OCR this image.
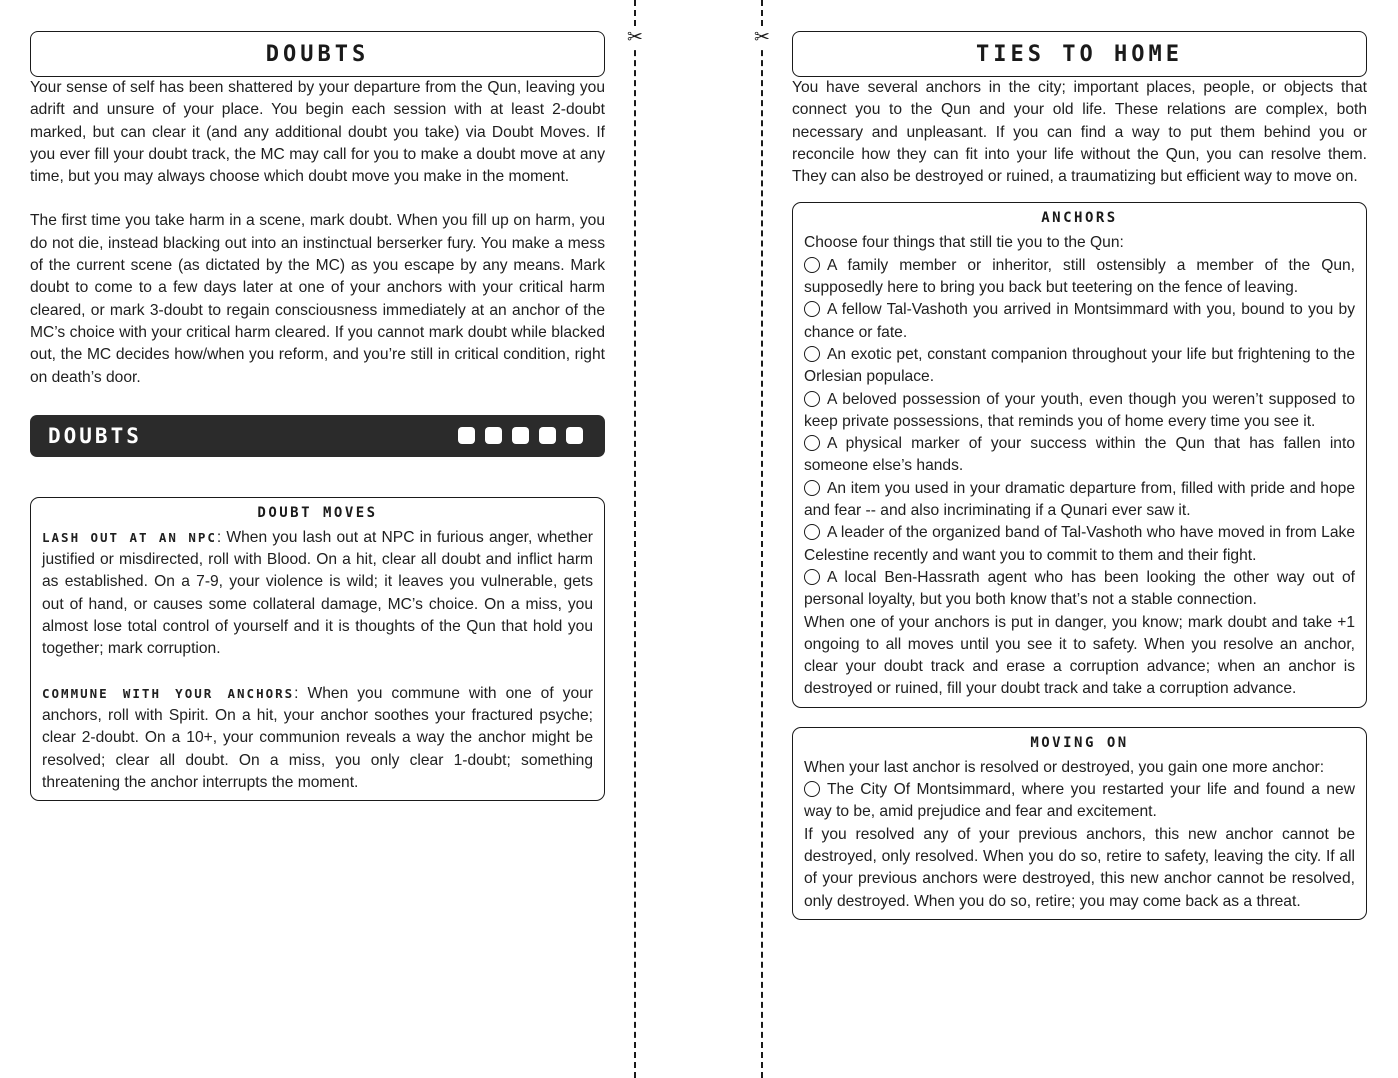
✂	✂
DOUBTS

Your sense of self has been shattered by your departure from the Qun, leaving you adrift and unsure of your place. You begin each session with at least 2-doubt marked, but can clear it (and any additional doubt you take) via Doubt Moves. If you ever fill your doubt track, the MC may call for you to make a doubt move at any time, but you may always choose which doubt move you make in the moment.

The first time you take harm in a scene, mark doubt. When you fill up on harm, you do not die, instead blacking out into an instinctual berserker fury. You make a mess of the current scene (as dictated by the MC) as you escape by any means. Mark doubt to come to a few days later at one of your anchors with your critical harm cleared, or mark 3-doubt to regain consciousness immediately at an anchor of the MC’s choice with your critical harm cleared. If you cannot mark doubt while blacked out, the MC decides how/when you reform, and you’re still in critical condition, right on death’s door.

DOUBTS
DOUBT MOVES

LASH OUT AT AN NPC: When you lash out at NPC in furious anger, whether justified or misdirected, roll with Blood. On a hit, clear all doubt and inflict harm as established. On a 7-9, your violence is wild; it leaves you vulnerable, gets out of hand, or causes some collateral damage, MC’s choice. On a miss, you almost lose total control of yourself and it is thoughts of the Qun that hold you together; mark corruption.

COMMUNE WITH YOUR ANCHORS: When you commune with one of your anchors, roll with Spirit. On a hit, your anchor soothes your fractured psyche; clear 2-doubt. On a 10+, your communion reveals a way the anchor might be resolved; clear all doubt. On a miss, you only clear 1-doubt; something threatening the anchor interrupts the moment.

TIES TO HOME

You have several anchors in the city; important places, people, or objects that connect you to the Qun and your old life. These relations are complex, both necessary and unpleasant. If you can find a way to put them behind you or reconcile how they can fit into your life without the Qun, you can resolve them. They can also be destroyed or ruined, a traumatizing but efficient way to move on.

ANCHORS

Choose four things that still tie you to the Qun:

A family member or inheritor, still ostensibly a member of the Qun, supposedly here to bring you back but teetering on the fence of leaving.

A fellow Tal-Vashoth you arrived in Montsimmard with you, bound to you by chance or fate.

An exotic pet, constant companion throughout your life but frightening to the Orlesian populace.

A beloved possession of your youth, even though you weren’t supposed to keep private possessions, that reminds you of home every time you see it.

A physical marker of your success within the Qun that has fallen into someone else’s hands.

An item you used in your dramatic departure from, filled with pride and hope and fear -- and also incriminating if a Qunari ever saw it.

A leader of the organized band of Tal-Vashoth who have moved in from Lake Celestine recently and want you to commit to them and their fight.

A local Ben-Hassrath agent who has been looking the other way out of personal loyalty, but you both know that’s not a stable connection.

When one of your anchors is put in danger, you know; mark doubt and take +1 ongoing to all moves until you see it to safety. When you resolve an anchor, clear your doubt track and erase a corruption advance; when an anchor is destroyed or ruined, fill your doubt track and take a corruption advance.

MOVING ON

When your last anchor is resolved or destroyed, you gain one more anchor:

The City Of Montsimmard, where you restarted your life and found a new way to be, amid prejudice and fear and excitement.

If you resolved any of your previous anchors, this new anchor cannot be destroyed, only resolved. When you do so, retire to safety, leaving the city. If all of your previous anchors were destroyed, this new anchor cannot be resolved, only destroyed. When you do so, retire; you may come back as a threat.
